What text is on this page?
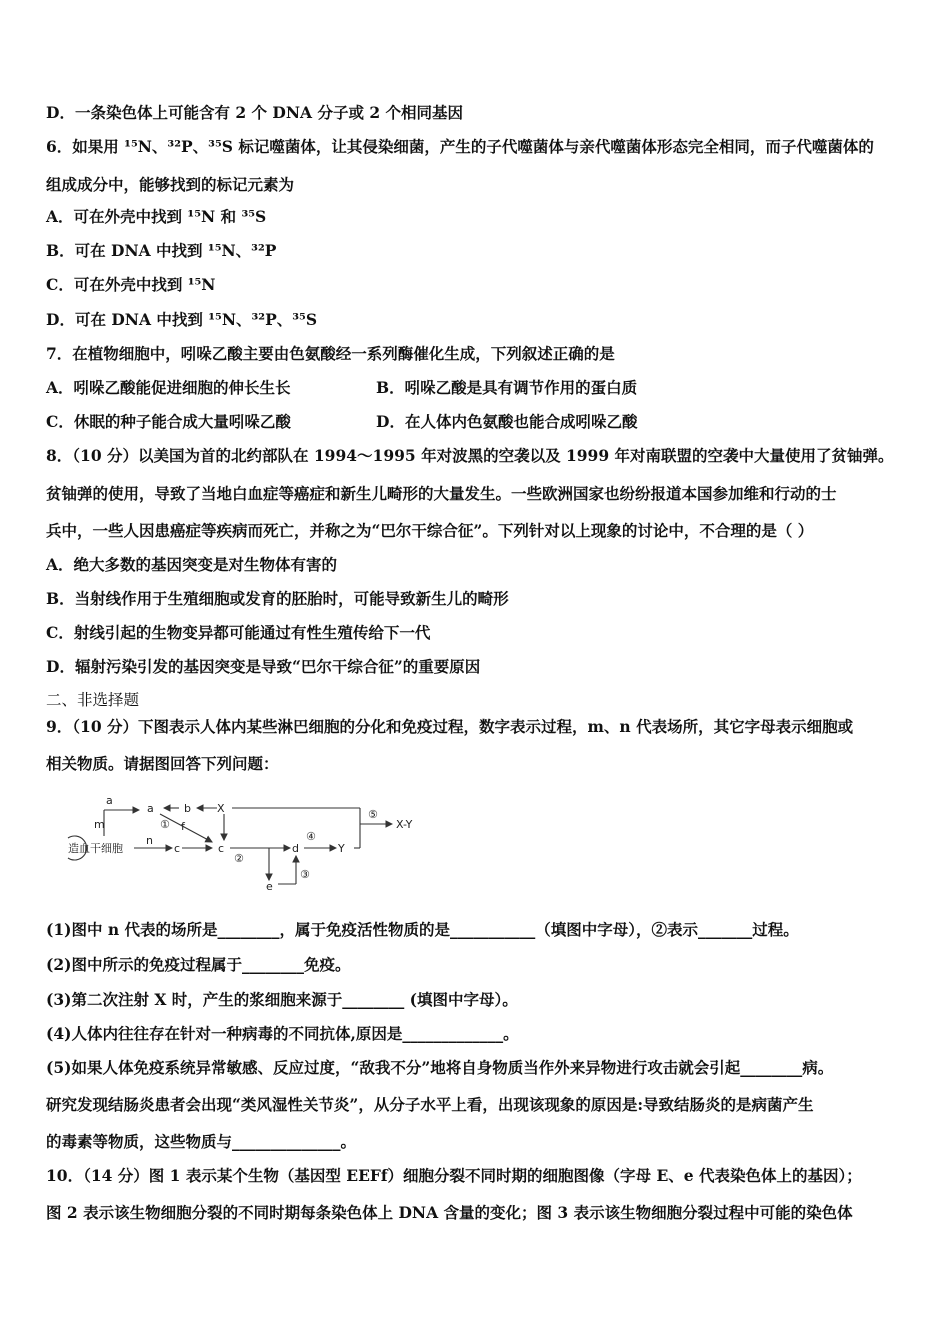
D．一条染色体上可能含有 2 个 DNA 分子或 2 个相同基因
6．如果用 ¹⁵N、³²P、³⁵S 标记噬菌体，让其侵染细菌，产生的子代噬菌体与亲代噬菌体形态完全相同，而子代噬菌体的
组成成分中，能够找到的标记元素为
A．可在外壳中找到 ¹⁵N 和 ³⁵S
B．可在 DNA 中找到 ¹⁵N、³²P
C．可在外壳中找到 ¹⁵N
D．可在 DNA 中找到 ¹⁵N、³²P、³⁵S
7．在植物细胞中，吲哚乙酸主要由色氨酸经一系列酶催化生成，下列叙述正确的是
A．吲哚乙酸能促进细胞的伸长生长	B．吲哚乙酸是具有调节作用的蛋白质
C．休眠的种子能合成大量吲哚乙酸	D．在人体内色氨酸也能合成吲哚乙酸
8．（10 分）以美国为首的北约部队在 1994～1995 年对波黑的空袭以及 1999 年对南联盟的空袭中大量使用了贫铀弹。
贫铀弹的使用，导致了当地白血症等癌症和新生儿畸形的大量发生。一些欧洲国家也纷纷报道本国参加维和行动的士
兵中，一些人因患癌症等疾病而死亡，并称之为“巴尔干综合征”。下列针对以上现象的讨论中，不合理的是（ ）
A．绝大多数的基因突变是对生物体有害的
B．当射线作用于生殖细胞或发育的胚胎时，可能导致新生儿的畸形
C．射线引起的生物变异都可能通过有性生殖传给下一代
D．辐射污染引发的基因突变是导致“巴尔干综合征”的重要原因
二、非选择题
9．（10 分）下图表示人体内某些淋巴细胞的分化和免疫过程，数字表示过程，m、n 代表场所，其它字母表示细胞或
相关物质。请据图回答下列问题：
造血干细胞
m
n
a
a	b X
f
①
c	c
②
d
④
Y
e
③
⑤
X-Y
(1)图中 n 代表的场所是________，属于免疫活性物质的是___________（填图中字母），②表示_______过程。
(2)图中所示的免疫过程属于________免疫。
(3)第二次注射 X 时，产生的浆细胞来源于________ (填图中字母）。
(4)人体内往往存在针对一种病毒的不同抗体,原因是_____________。
(5)如果人体免疫系统异常敏感、反应过度，“敌我不分”地将自身物质当作外来异物进行攻击就会引起________病。
研究发现结肠炎患者会出现“类风湿性关节炎”，从分子水平上看，出现该现象的原因是:导致结肠炎的是病菌产生
的毒素等物质，这些物质与______________。
10．（14 分）图 1 表示某个生物（基因型 EEFf）细胞分裂不同时期的细胞图像（字母 E、e 代表染色体上的基因）；
图 2 表示该生物细胞分裂的不同时期每条染色体上 DNA 含量的变化；图 3 表示该生物细胞分裂过程中可能的染色体
